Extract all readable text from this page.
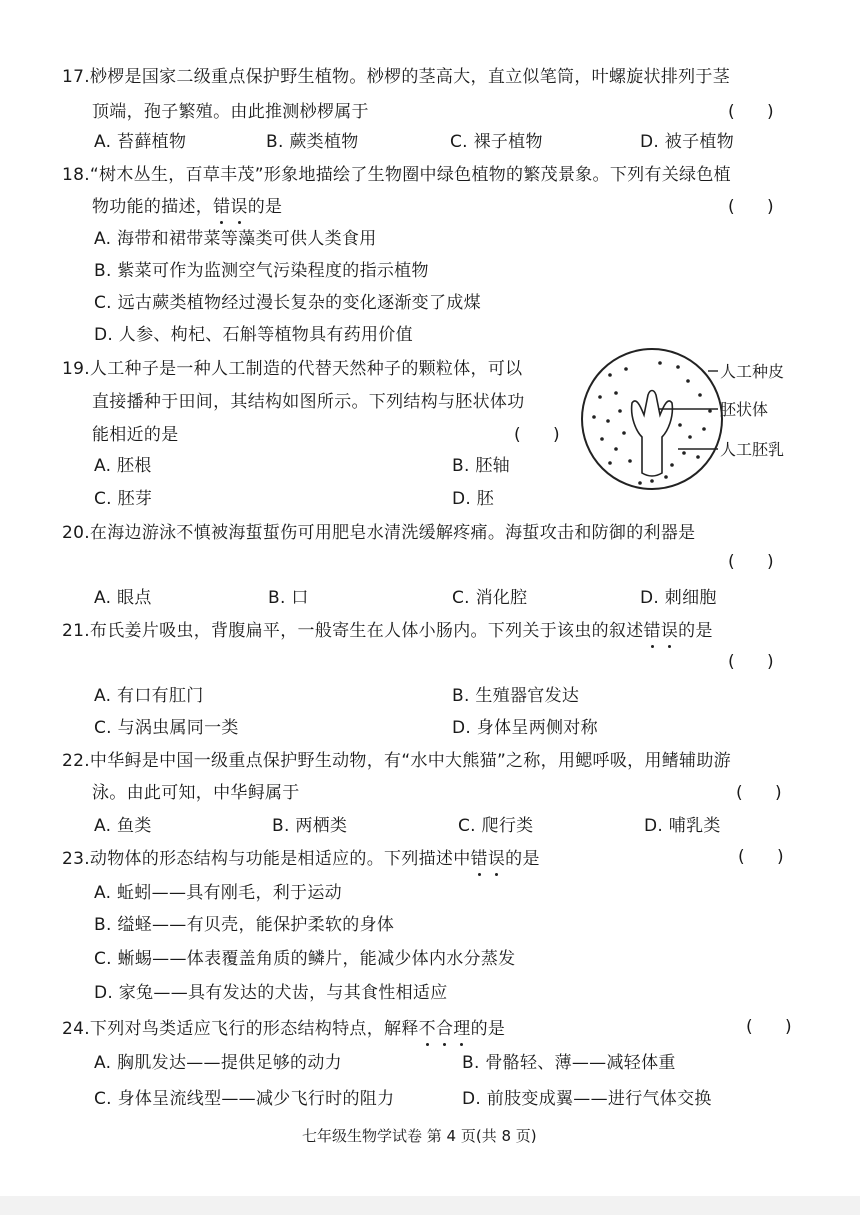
17.桫椤是国家二级重点保护野生植物。桫椤的茎高大，直立似笔筒，叶螺旋状排列于茎
顶端，孢子繁殖。由此推测桫椤属于	(      )
A. 苔藓植物	B. 蕨类植物	C. 裸子植物	D. 被子植物
18.“树木丛生，百草丰茂”形象地描绘了生物圈中绿色植物的繁茂景象。下列有关绿色植
物功能的描述，错误的是	(      )
A. 海带和裙带菜等藻类可供人类食用
B. 紫菜可作为监测空气污染程度的指示植物
C. 远古蕨类植物经过漫长复杂的变化逐渐变了成煤
D. 人参、枸杞、石斛等植物具有药用价值
19.人工种子是一种人工制造的代替天然种子的颗粒体，可以
直接播种于田间，其结构如图所示。下列结构与胚状体功
能相近的是	(      )
A. 胚根	B. 胚轴
C. 胚芽	D. 胚
人工种皮
胚状体
人工胚乳
20.在海边游泳不慎被海蜇蜇伤可用肥皂水清洗缓解疼痛。海蜇攻击和防御的利器是
(      )
A. 眼点	B. 口	C. 消化腔	D. 刺细胞
21.布氏姜片吸虫，背腹扁平，一般寄生在人体小肠内。下列关于该虫的叙述错误的是
(      )
A. 有口有肛门	B. 生殖器官发达
C. 与涡虫属同一类	D. 身体呈两侧对称
22.中华鲟是中国一级重点保护野生动物，有“水中大熊猫”之称，用鳃呼吸，用鳍辅助游
泳。由此可知，中华鲟属于	(      )
A. 鱼类	B. 两栖类	C. 爬行类	D. 哺乳类
23.动物体的形态结构与功能是相适应的。下列描述中错误的是	(      )
A. 蚯蚓——具有刚毛，利于运动
B. 缢蛏——有贝壳，能保护柔软的身体
C. 蜥蜴——体表覆盖角质的鳞片，能减少体内水分蒸发
D. 家兔——具有发达的犬齿，与其食性相适应
24.下列对鸟类适应飞行的形态结构特点，解释不合理的是	(      )
A. 胸肌发达——提供足够的动力	B. 骨骼轻、薄——减轻体重
C. 身体呈流线型——减少飞行时的阻力	D. 前肢变成翼——进行气体交换
七年级生物学试卷 第 4 页(共 8 页)
